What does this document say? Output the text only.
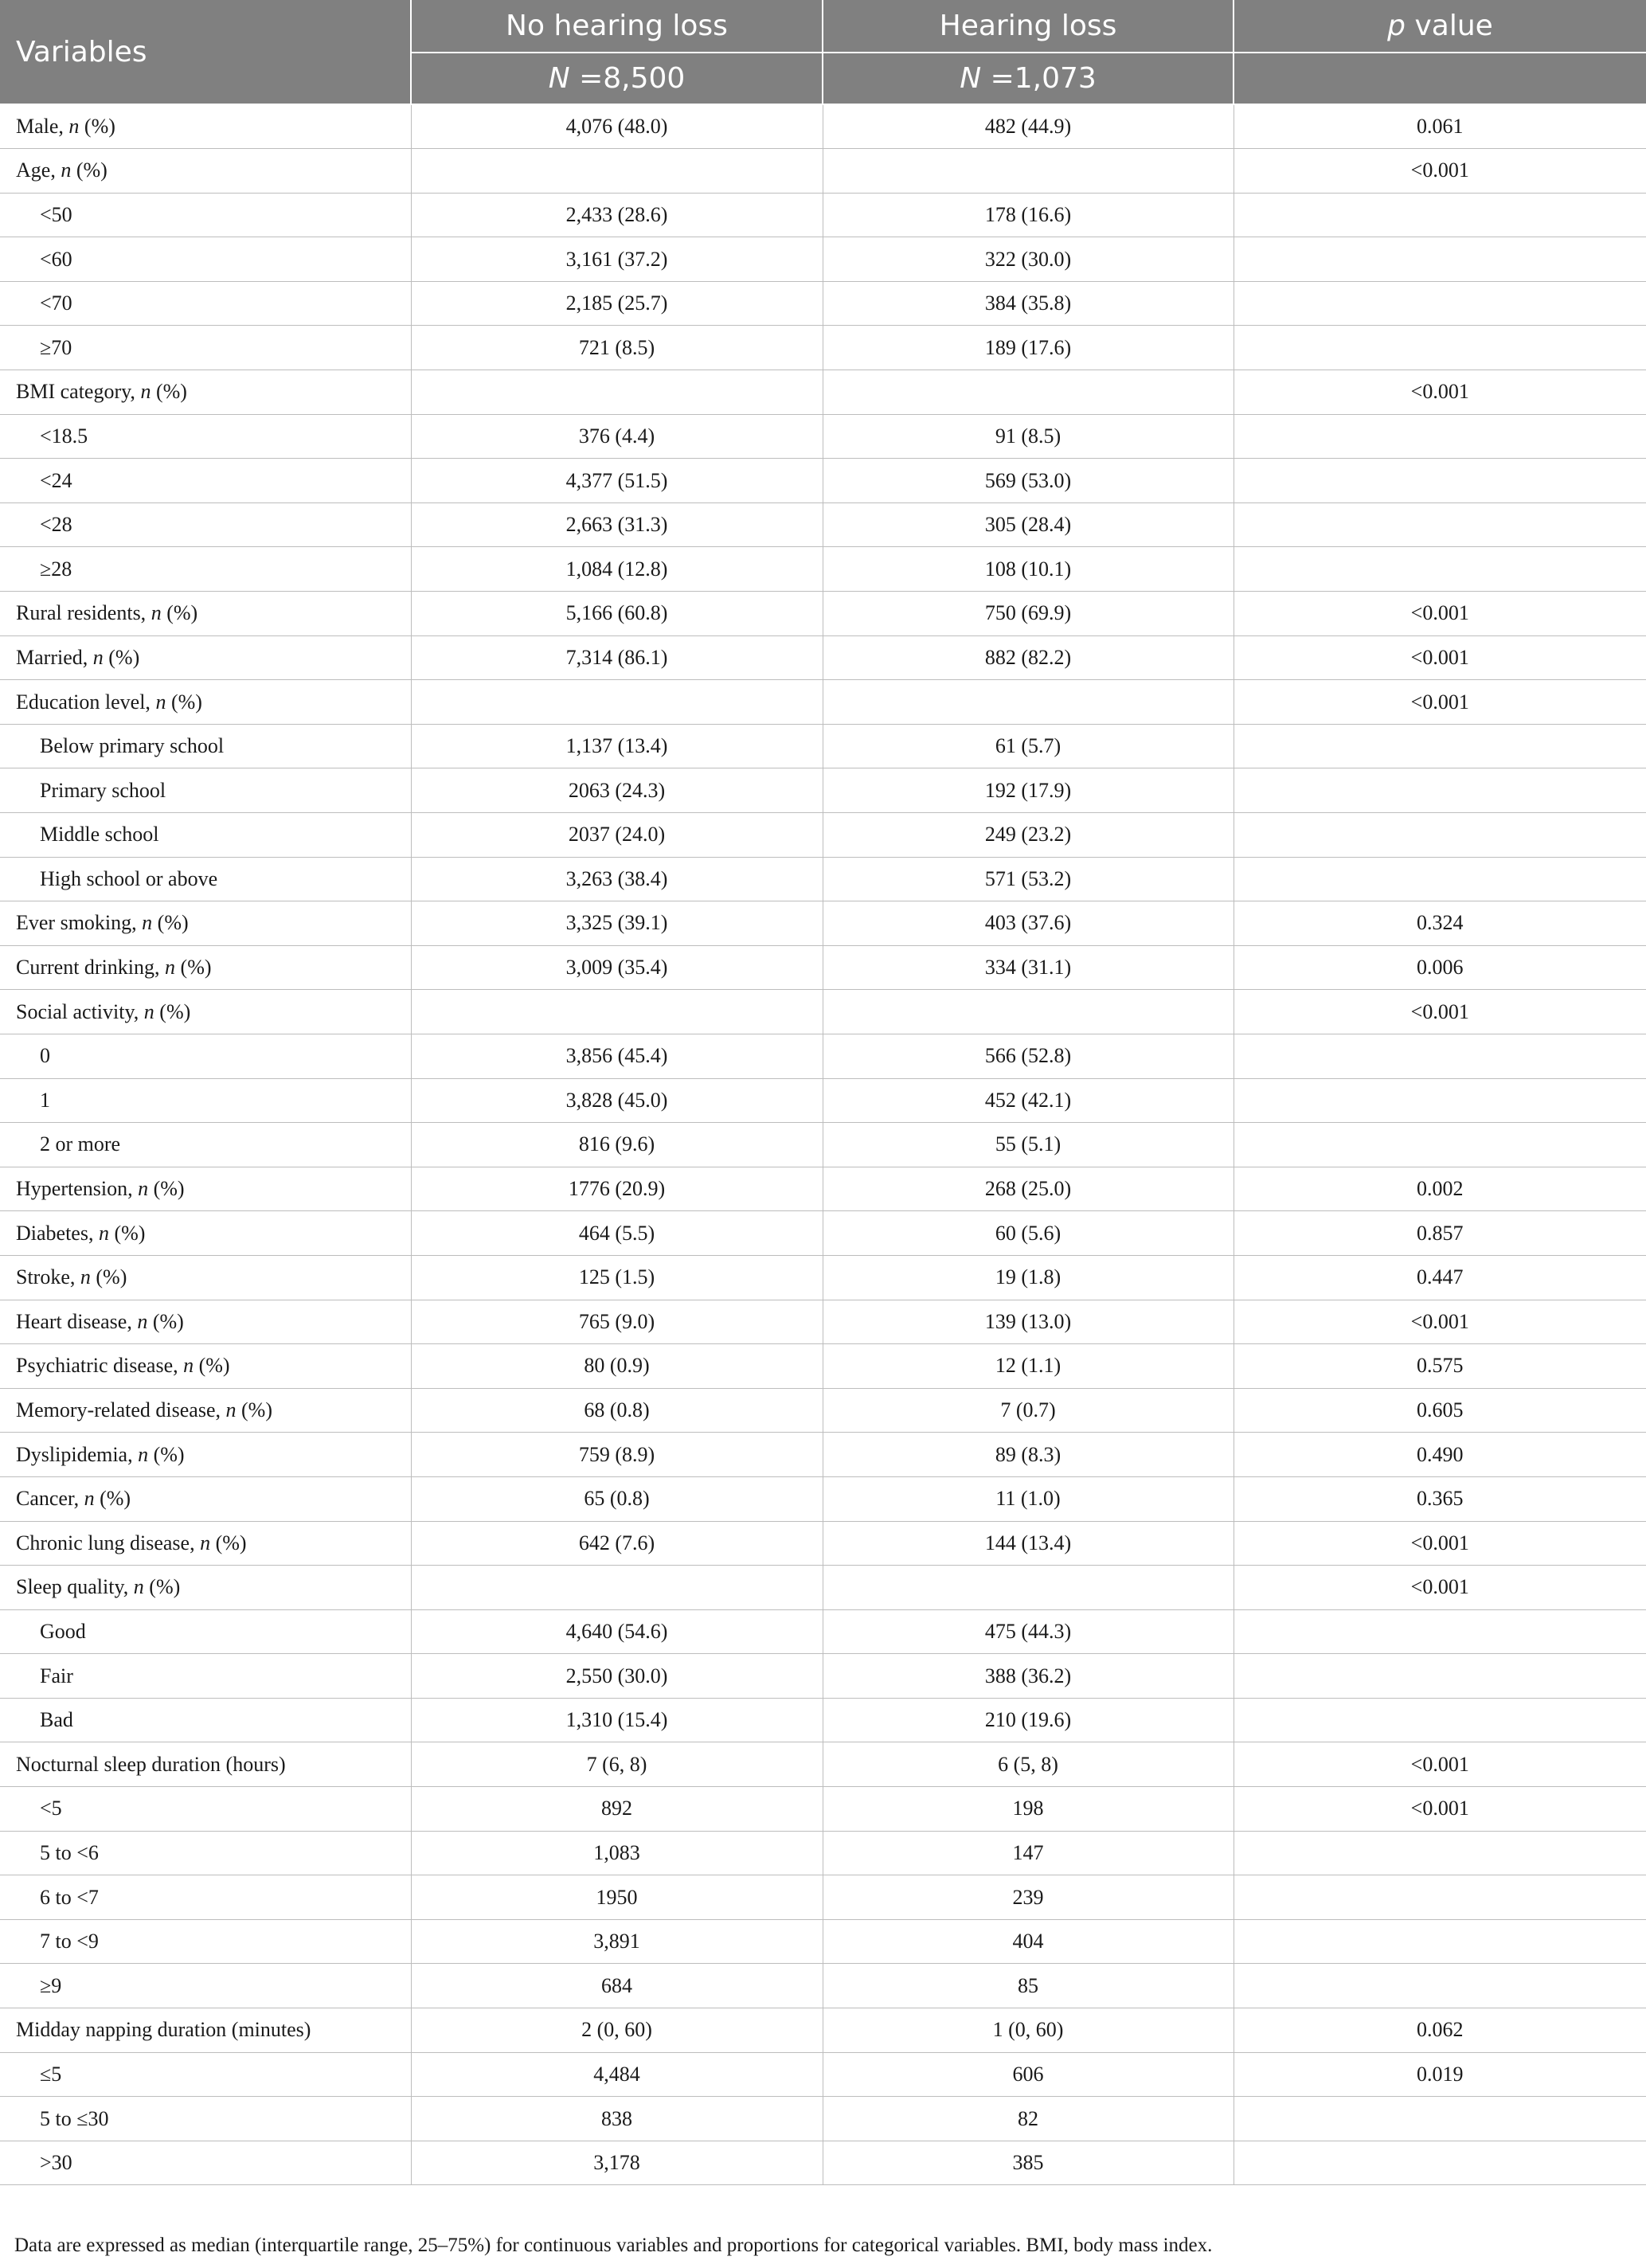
Variables	No hearing loss	Hearing loss	p value
	N =8,500	N =1,073	
Male, n (%)	4,076 (48.0)	482 (44.9)	0.061
Age, n (%)			<0.001
<50	2,433 (28.6)	178 (16.6)	
<60	3,161 (37.2)	322 (30.0)	
<70	2,185 (25.7)	384 (35.8)	
≥70	721 (8.5)	189 (17.6)	
BMI category, n (%)			<0.001
<18.5	376 (4.4)	91 (8.5)	
<24	4,377 (51.5)	569 (53.0)	
<28	2,663 (31.3)	305 (28.4)	
≥28	1,084 (12.8)	108 (10.1)	
Rural residents, n (%)	5,166 (60.8)	750 (69.9)	<0.001
Married, n (%)	7,314 (86.1)	882 (82.2)	<0.001
Education level, n (%)			<0.001
Below primary school	1,137 (13.4)	61 (5.7)	
Primary school	2063 (24.3)	192 (17.9)	
Middle school	2037 (24.0)	249 (23.2)	
High school or above	3,263 (38.4)	571 (53.2)	
Ever smoking, n (%)	3,325 (39.1)	403 (37.6)	0.324
Current drinking, n (%)	3,009 (35.4)	334 (31.1)	0.006
Social activity, n (%)			<0.001
0	3,856 (45.4)	566 (52.8)	
1	3,828 (45.0)	452 (42.1)	
2 or more	816 (9.6)	55 (5.1)	
Hypertension, n (%)	1776 (20.9)	268 (25.0)	0.002
Diabetes, n (%)	464 (5.5)	60 (5.6)	0.857
Stroke, n (%)	125 (1.5)	19 (1.8)	0.447
Heart disease, n (%)	765 (9.0)	139 (13.0)	<0.001
Psychiatric disease, n (%)	80 (0.9)	12 (1.1)	0.575
Memory-related disease, n (%)	68 (0.8)	7 (0.7)	0.605
Dyslipidemia, n (%)	759 (8.9)	89 (8.3)	0.490
Cancer, n (%)	65 (0.8)	11 (1.0)	0.365
Chronic lung disease, n (%)	642 (7.6)	144 (13.4)	<0.001
Sleep quality, n (%)			<0.001
Good	4,640 (54.6)	475 (44.3)	
Fair	2,550 (30.0)	388 (36.2)	
Bad	1,310 (15.4)	210 (19.6)	
Nocturnal sleep duration (hours)	7 (6, 8)	6 (5, 8)	<0.001
<5	892	198	<0.001
5 to <6	1,083	147	
6 to <7	1950	239	
7 to <9	3,891	404	
≥9	684	85	
Midday napping duration (minutes)	2 (0, 60)	1 (0, 60)	0.062
≤5	4,484	606	0.019
5 to ≤30	838	82	
>30	3,178	385	
Data are expressed as median (interquartile range, 25–75%) for continuous variables and proportions for categorical variables. BMI, body mass index.
